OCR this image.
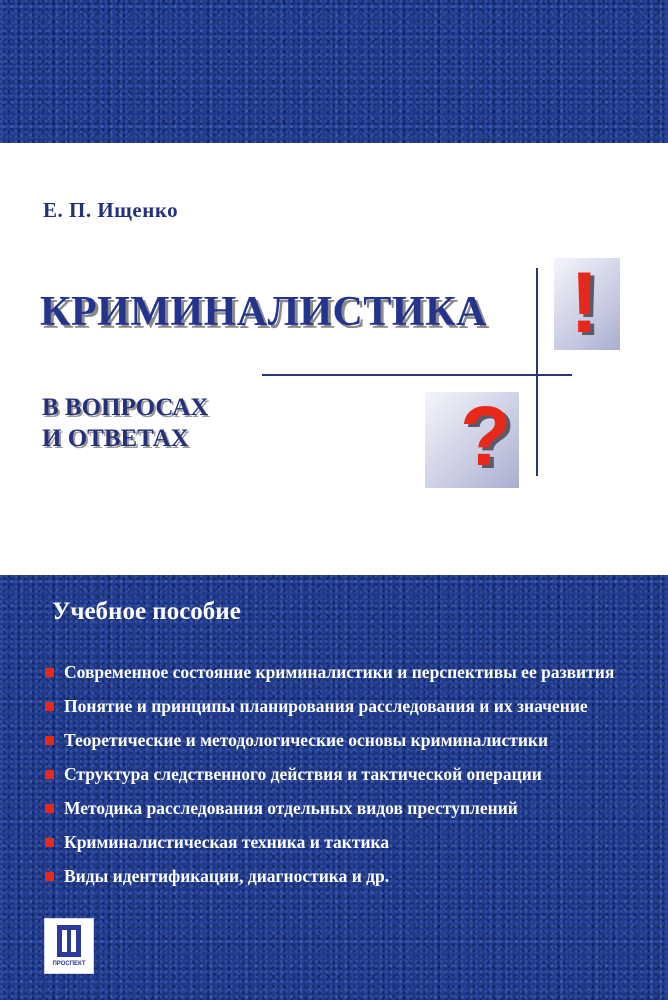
Е. П. Ищенко
КРИМИНАЛИСТИКА
В ВОПРОСАХ
И ОТВЕТАХ
!
?
Учебное пособие
Современное состояние криминалистики и перспективы ее развития
Понятие и принципы планирования расследования и их значение
Теоретические и методологические основы криминалистики
Структура следственного действия и тактической операции
Методика расследования отдельных видов преступлений
Криминалистическая техника и тактика
Виды идентификации, диагностика и др.
ПРОСПЕКТ
